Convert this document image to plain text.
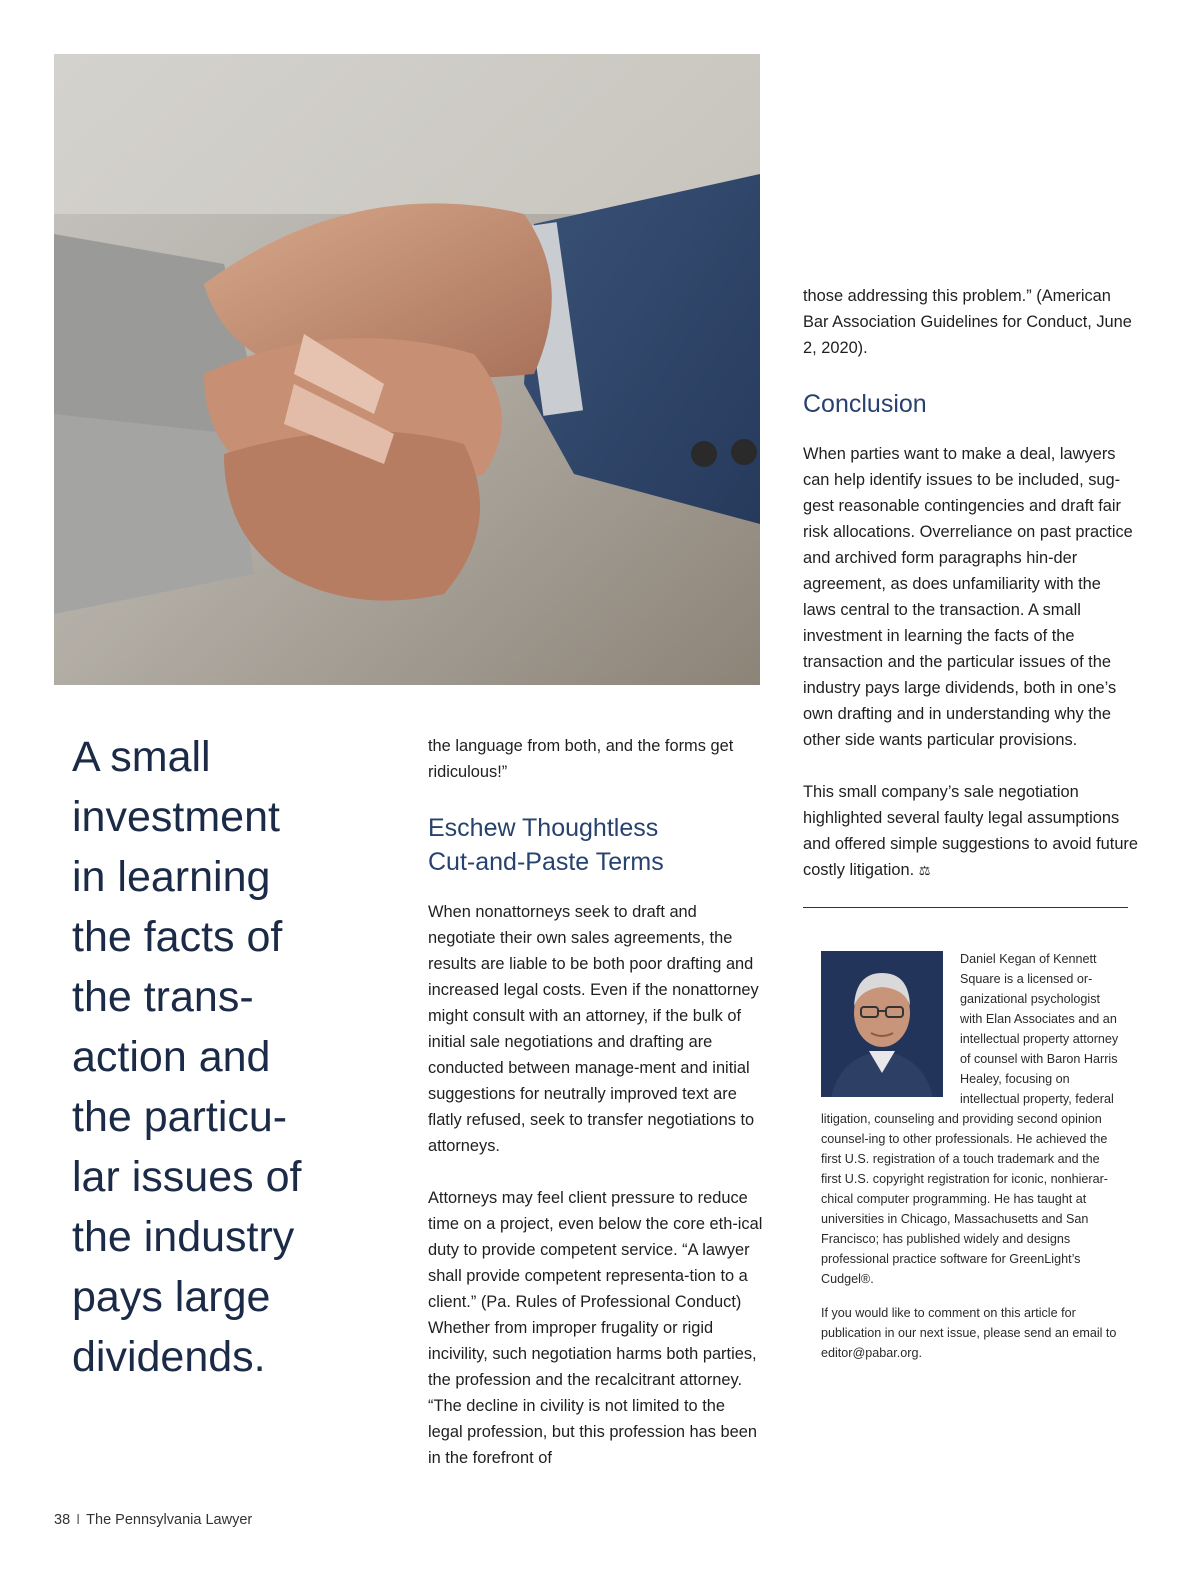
A small
investment
in learning
the facts of
the trans-
action and
the particu-
lar issues of
the industry
pays large
dividends.

the language from both, and the forms get ridiculous!”

Eschew Thoughtless
Cut-and-Paste Terms

When nonattorneys seek to draft and negotiate their own sales agreements, the results are liable to be both poor drafting and increased legal costs. Even if the nonattorney might consult with an attorney, if the bulk of initial sale negotiations and drafting are conducted between manage-ment and initial suggestions for neutrally improved text are flatly refused, seek to transfer negotiations to attorneys.

Attorneys may feel client pressure to reduce time on a project, even below the core eth-ical duty to provide competent service. “A lawyer shall provide competent representa-tion to a client.” (Pa. Rules of Professional Conduct) Whether from improper frugality or rigid incivility, such negotiation harms both parties, the profession and the recalcitrant attorney. “The decline in civility is not limited to the legal profession, but this profession has been in the forefront of

those addressing this problem.” (American Bar Association Guidelines for Conduct, June 2, 2020).

Conclusion

When parties want to make a deal, lawyers can help identify issues to be included, sug-gest reasonable contingencies and draft fair risk allocations. Overreliance on past practice and archived form paragraphs hin-der agreement, as does unfamiliarity with the laws central to the transaction. A small investment in learning the facts of the transaction and the particular issues of the industry pays large dividends, both in one’s own drafting and in understanding why the other side wants particular provisions.

This small company’s sale negotiation highlighted several faulty legal assumptions and offered simple suggestions to avoid future costly litigation. ⚖

Daniel Kegan of Kennett Square is a licensed or-ganizational psychologist with Elan Associates and an intellectual property attorney of counsel with Baron Harris Healey, focusing on intellectual property, federal litigation, counseling and providing second opinion counsel-ing to other professionals. He achieved the first U.S. registration of a touch trademark and the first U.S. copyright registration for iconic, nonhierar-chical computer programming. He has taught at universities in Chicago, Massachusetts and San Francisco; has published widely and designs professional practice software for GreenLight’s Cudgel®.

If you would like to comment on this article for publication in our next issue, please send an email to editor@pabar.org.

38 I The Pennsylvania Lawyer
